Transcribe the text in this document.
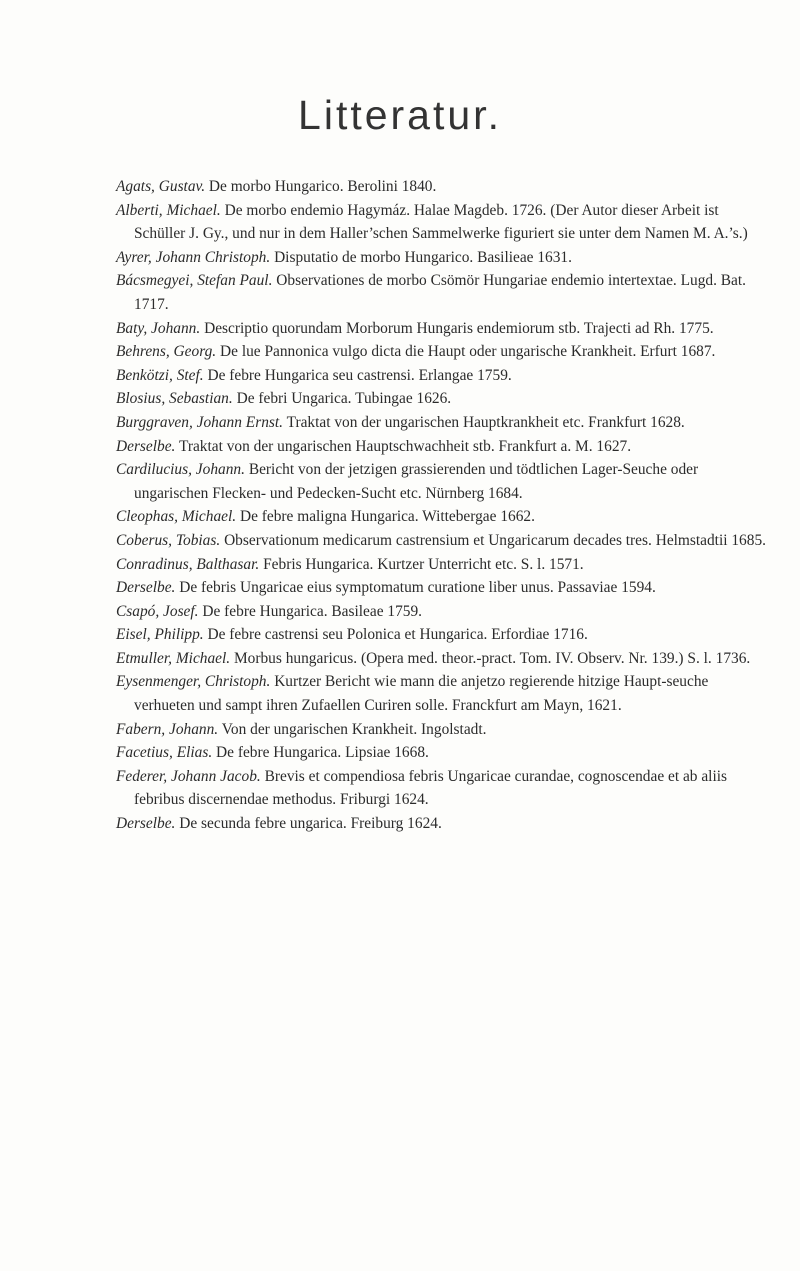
Litteratur.

Agats, Gustav. De morbo Hungarico. Berolini 1840.

Alberti, Michael. De morbo endemio Hagymáz. Halae Magdeb. 1726. (Der Autor dieser Arbeit ist Schüller J. Gy., und nur in dem Haller’schen Sammelwerke figuriert sie unter dem Namen M. A.’s.)

Ayrer, Johann Christoph. Disputatio de morbo Hungarico. Basilieae 1631.

Bácsmegyei, Stefan Paul. Observationes de morbo Csömör Hungariae endemio intertextae. Lugd. Bat. 1717.

Baty, Johann. Descriptio quorundam Morborum Hungaris endemiorum stb. Trajecti ad Rh. 1775.

Behrens, Georg. De lue Pannonica vulgo dicta die Haupt oder ungarische Krankheit. Erfurt 1687.

Benkötzi, Stef. De febre Hungarica seu castrensi. Erlangae 1759.

Blosius, Sebastian. De febri Ungarica. Tubingae 1626.

Burggraven, Johann Ernst. Traktat von der ungarischen Hauptkrankheit etc. Frankfurt 1628.

Derselbe. Traktat von der ungarischen Hauptschwachheit stb. Frankfurt a. M. 1627.

Cardilucius, Johann. Bericht von der jetzigen grassierenden und tödtlichen Lager-Seuche oder ungarischen Flecken- und Pedecken-Sucht etc. Nürnberg 1684.

Cleophas, Michael. De febre maligna Hungarica. Wittebergae 1662.

Coberus, Tobias. Observationum medicarum castrensium et Ungaricarum decades tres. Helmstadtii 1685.

Conradinus, Balthasar. Febris Hungarica. Kurtzer Unterricht etc. S. l. 1571.

Derselbe. De febris Ungaricae eius symptomatum curatione liber unus. Passaviae 1594.

Csapó, Josef. De febre Hungarica. Basileae 1759.

Eisel, Philipp. De febre castrensi seu Polonica et Hungarica. Erfordiae 1716.

Etmuller, Michael. Morbus hungaricus. (Opera med. theor.-pract. Tom. IV. Observ. Nr. 139.) S. l. 1736.

Eysenmenger, Christoph. Kurtzer Bericht wie mann die anjetzo regierende hitzige Haupt-seuche verhueten und sampt ihren Zufaellen Curiren solle. Franckfurt am Mayn, 1621.

Fabern, Johann. Von der ungarischen Krankheit. Ingolstadt.

Facetius, Elias. De febre Hungarica. Lipsiae 1668.

Federer, Johann Jacob. Brevis et compendiosa febris Ungaricae curandae, cognoscendae et ab aliis febribus discernendae methodus. Friburgi 1624.

Derselbe. De secunda febre ungarica. Freiburg 1624.
